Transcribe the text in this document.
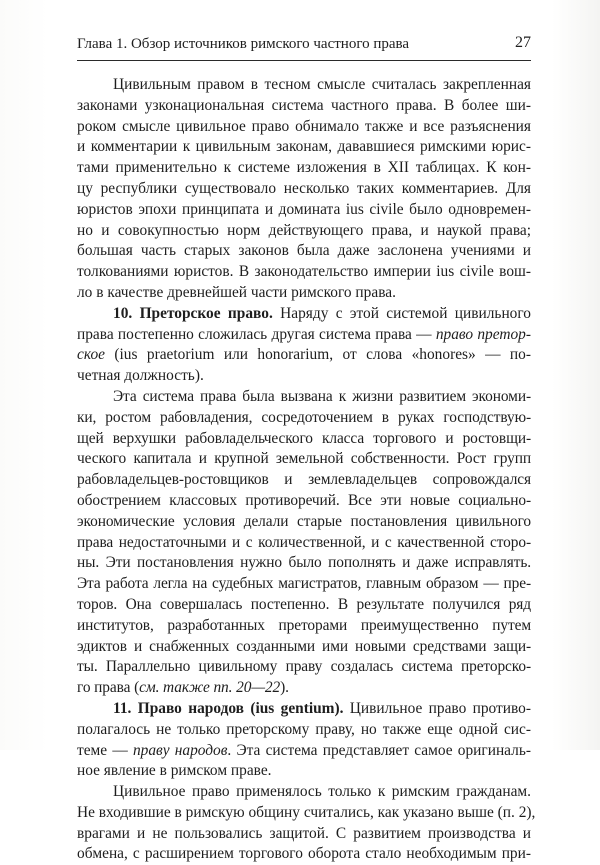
Глава 1. Обзор источников римского частного права	27

Цивильным правом в тесном смысле считалась закрепленная
законами узконациональная система частного права. В более ши-
роком смысле цивильное право обнимало также и все разъяснения
и комментарии к цивильным законам, дававшиеся римскими юрис-
тами применительно к системе изложения в XII таблицах. К кон-
цу республики существовало несколько таких комментариев. Для
юристов эпохи принципата и домината ius civile было одновремен-
но и совокупностью норм действующего права, и наукой права;
большая часть старых законов была даже заслонена учениями и
толкованиями юристов. В законодательство империи ius civile вош-
ло в качестве древнейшей части римского права.

10. Преторское право. Наряду с этой системой цивильного
права постепенно сложилась другая система права — право претор-
ское (ius praetorium или honorarium, от слова «honores» — по-
четная должность).

Эта система права была вызвана к жизни развитием экономи-
ки, ростом рабовладения, сосредоточением в руках господствую-
щей верхушки рабовладельческого класса торгового и ростовщи-
ческого капитала и крупной земельной собственности. Рост групп
рабовладельцев-ростовщиков и землевладельцев сопровождался
обострением классовых противоречий. Все эти новые социально-
экономические условия делали старые постановления цивильного
права недостаточными и с количественной, и с качественной сторо-
ны. Эти постановления нужно было пополнять и даже исправлять.
Эта работа легла на судебных магистратов, главным образом — пре-
торов. Она совершалась постепенно. В результате получился ряд
институтов, разработанных преторами преимущественно путем
эдиктов и снабженных созданными ими новыми средствами защи-
ты. Параллельно цивильному праву создалась система преторско-
го права (см. также пп. 20—22).

11. Право народов (ius gentium). Цивильное право противо-
полагалось не только преторскому праву, но также еще одной сис-
теме — праву народов. Эта система представляет самое оригиналь-
ное явление в римском праве.

Цивильное право применялось только к римским гражданам.
Не входившие в римскую общину считались, как указано выше (п. 2),
врагами и не пользовались защитой. С развитием производства и
обмена, с расширением торгового оборота стало необходимым при-
